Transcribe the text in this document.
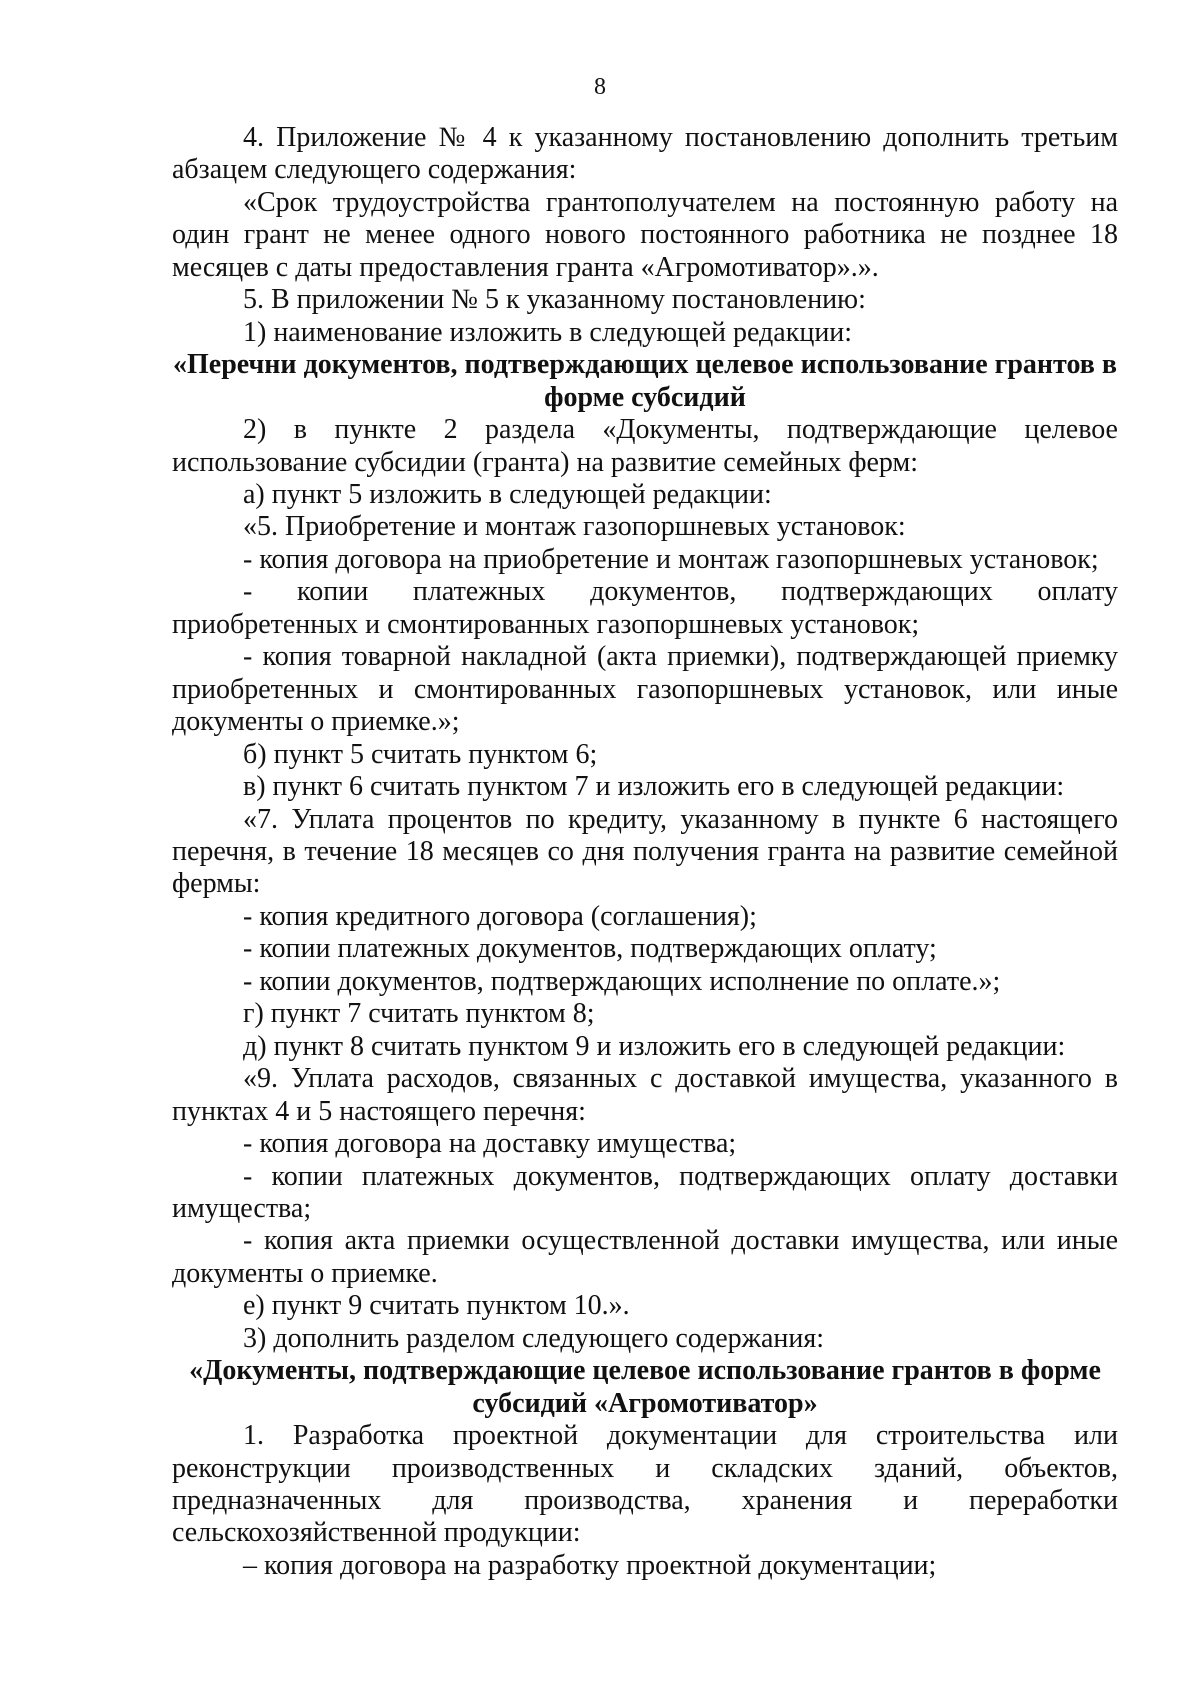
8

4. Приложение № 4 к указанному постановлению дополнить третьим абзацем следующего содержания:

«Срок трудоустройства грантополучателем на постоянную работу на один грант не менее одного нового постоянного работника не позднее 18 месяцев с даты предоставления гранта «Агромотиватор».».

5. В приложении № 5 к указанному постановлению:

1) наименование изложить в следующей редакции:

«Перечни документов, подтверждающих целевое использование грантов в форме субсидий

2) в пункте 2 раздела «Документы, подтверждающие целевое использование субсидии (гранта) на развитие семейных ферм:

а) пункт 5 изложить в следующей редакции:

«5. Приобретение и монтаж газопоршневых установок:

- копия договора на приобретение и монтаж газопоршневых установок;

- копии платежных документов, подтверждающих оплату приобретенных и смонтированных газопоршневых установок;

- копия товарной накладной (акта приемки), подтверждающей приемку приобретенных и смонтированных газопоршневых установок, или иные документы о приемке.»;

б) пункт 5 считать пунктом 6;

в) пункт 6 считать пунктом 7 и изложить его в следующей редакции:

«7. Уплата процентов по кредиту, указанному в пункте 6 настоящего перечня, в течение 18 месяцев со дня получения гранта на развитие семейной фермы:

- копия кредитного договора (соглашения);

- копии платежных документов, подтверждающих оплату;

- копии документов, подтверждающих исполнение по оплате.»;

г) пункт 7 считать пунктом 8;

д) пункт 8 считать пунктом 9 и изложить его в следующей редакции:

«9. Уплата расходов, связанных с доставкой имущества, указанного в пунктах 4 и 5 настоящего перечня:

- копия договора на доставку имущества;

- копии платежных документов, подтверждающих оплату доставки имущества;

- копия акта приемки осуществленной доставки имущества, или иные документы о приемке.

е) пункт 9 считать пунктом 10.».

3) дополнить разделом следующего содержания:

«Документы, подтверждающие целевое использование грантов в форме субсидий «Агромотиватор»

1. Разработка проектной документации для строительства или реконструкции производственных и складских зданий, объектов, предназначенных для производства, хранения и переработки сельскохозяйственной продукции:

– копия договора на разработку проектной документации;
